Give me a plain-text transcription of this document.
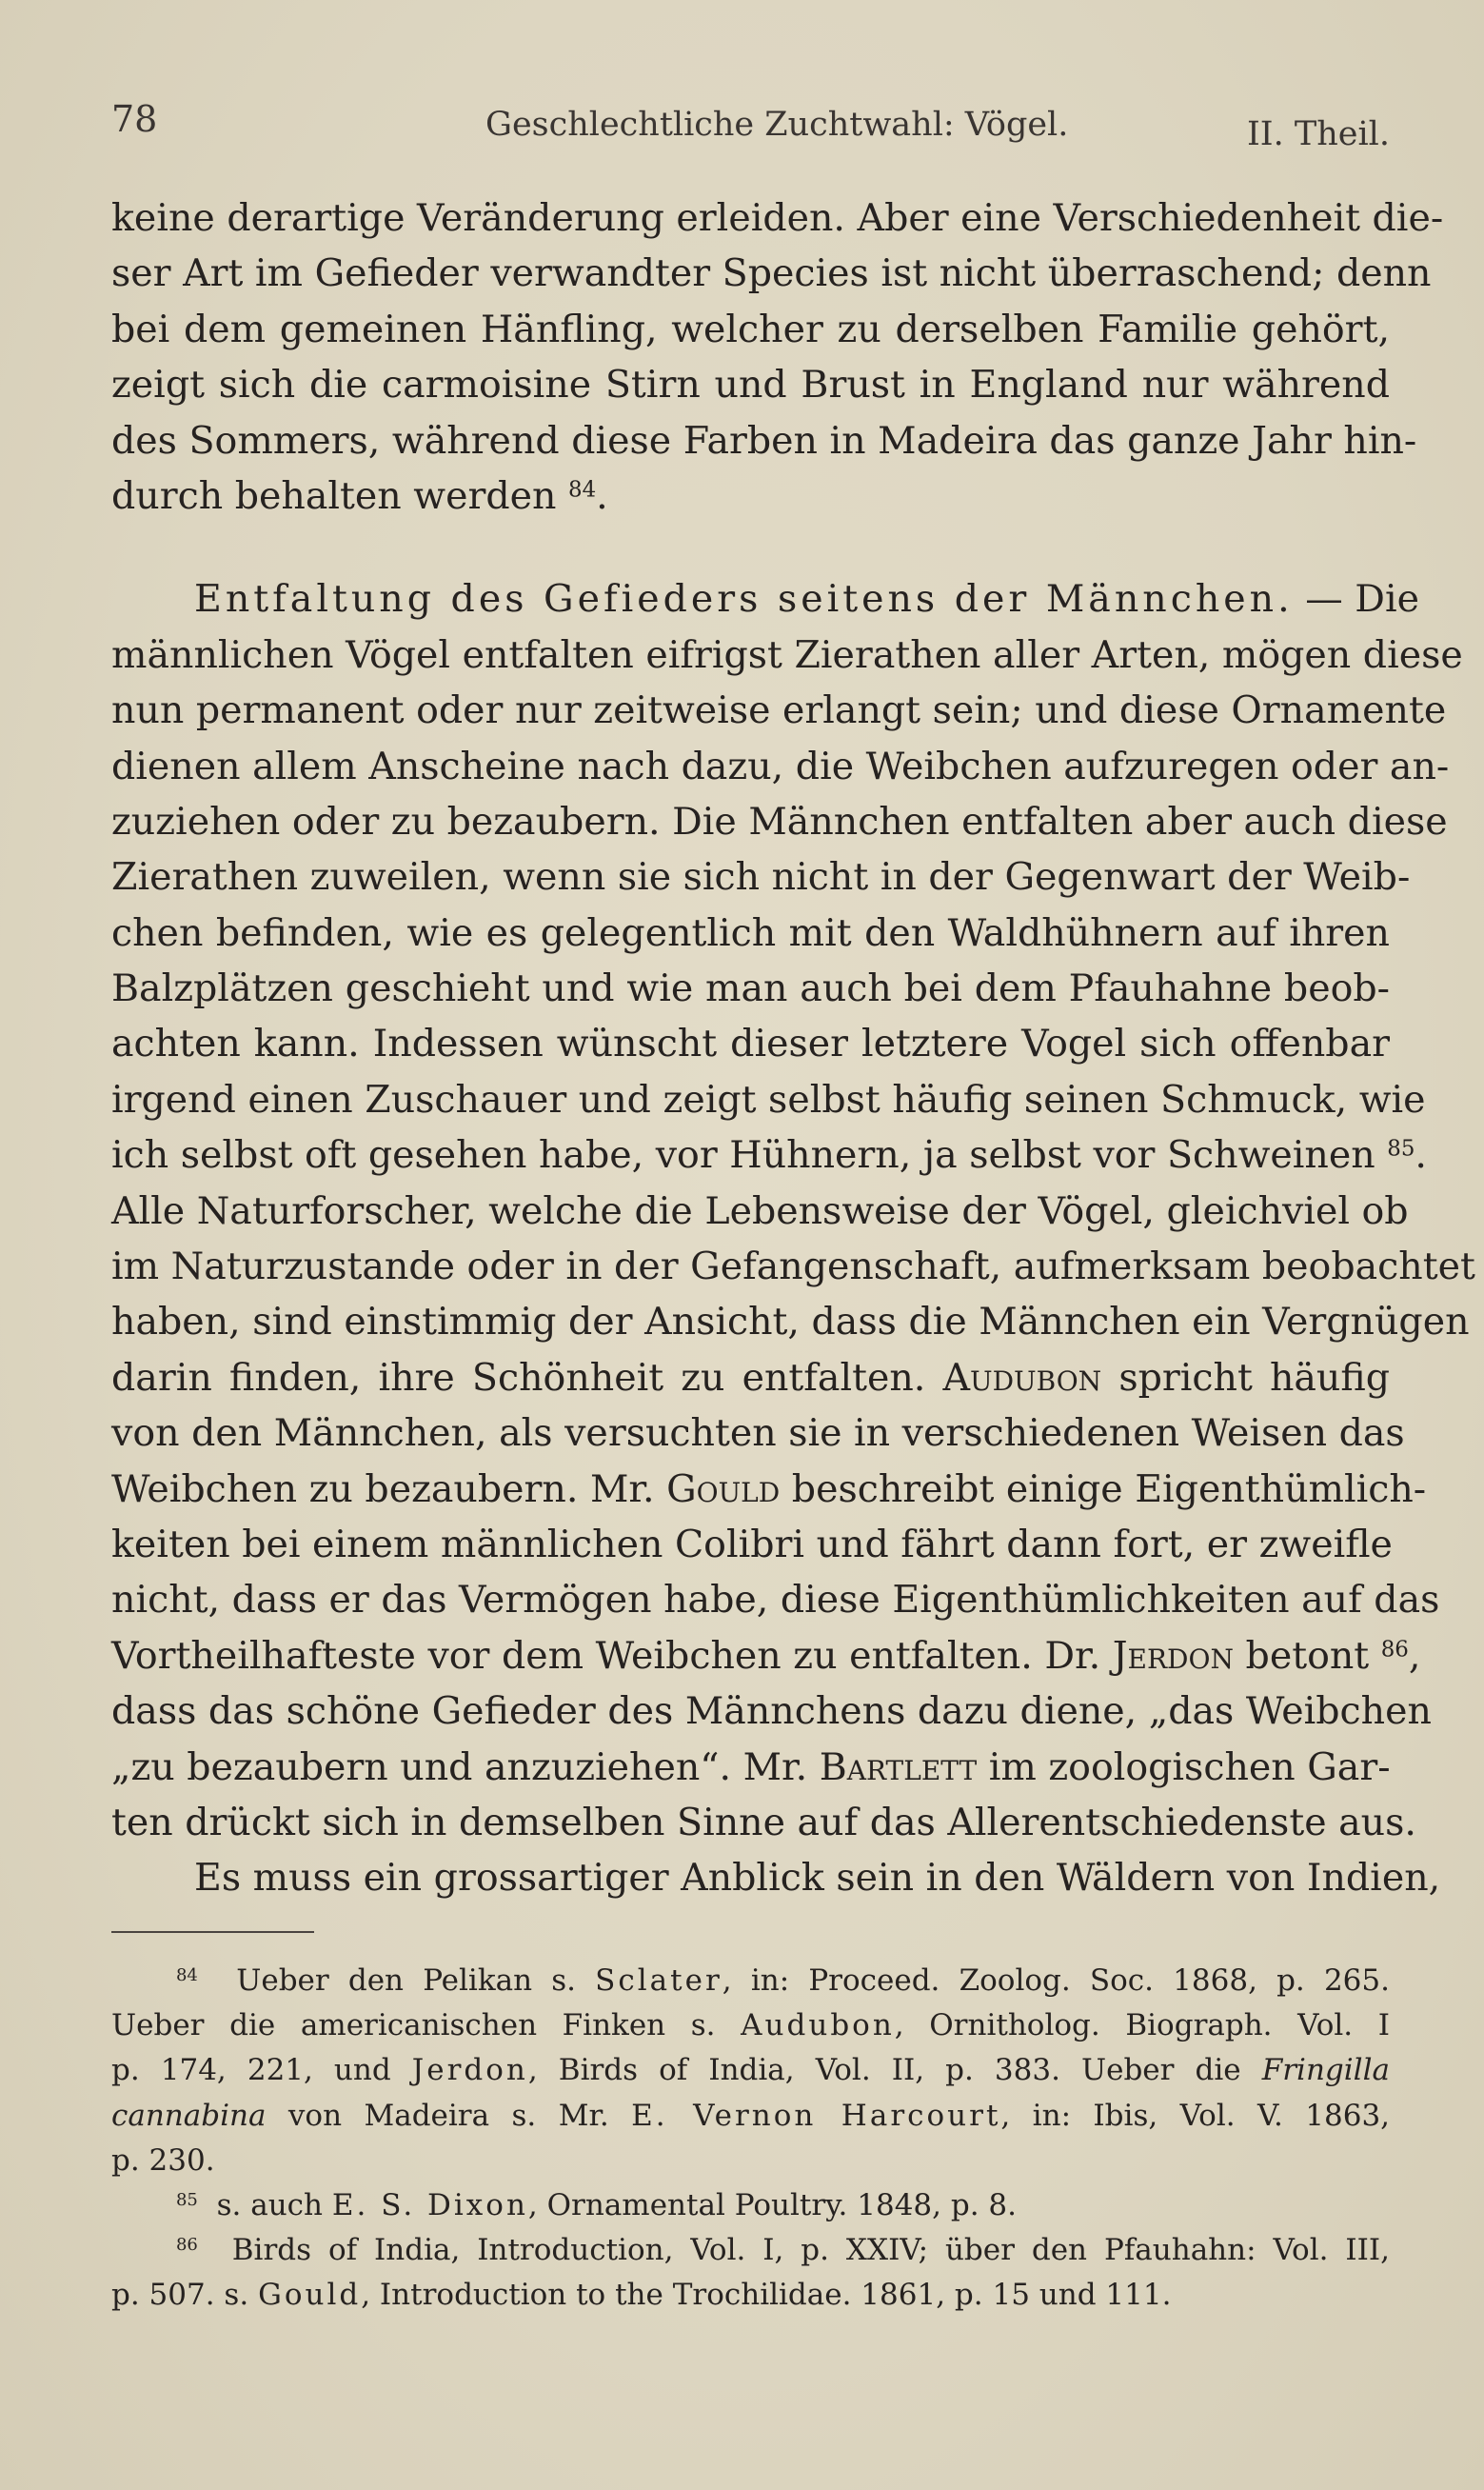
78	Geschlechtliche Zuchtwahl: Vögel.	II. Theil.
keine derartige Veränderung erleiden. Aber eine Verschiedenheit die-
ser Art im Gefieder verwandter Species ist nicht überraschend; denn
bei dem gemeinen Hänfling, welcher zu derselben Familie gehört,
zeigt sich die carmoisine Stirn und Brust in England nur während
des Sommers, während diese Farben in Madeira das ganze Jahr hin-
durch behalten werden $^{84}$.
Entfaltung des Gefieders seitens der Männchen. — Die
männlichen Vögel entfalten eifrigst Zierathen aller Arten, mögen diese
nun permanent oder nur zeitweise erlangt sein; und diese Ornamente
dienen allem Anscheine nach dazu, die Weibchen aufzuregen oder an-
zuziehen oder zu bezaubern. Die Männchen entfalten aber auch diese
Zierathen zuweilen, wenn sie sich nicht in der Gegenwart der Weib-
chen befinden, wie es gelegentlich mit den Waldhühnern auf ihren
Balzplätzen geschieht und wie man auch bei dem Pfauhahne beob-
achten kann. Indessen wünscht dieser letztere Vogel sich offenbar
irgend einen Zuschauer und zeigt selbst häufig seinen Schmuck, wie
ich selbst oft gesehen habe, vor Hühnern, ja selbst vor Schweinen $^{85}$.
Alle Naturforscher, welche die Lebensweise der Vögel, gleichviel ob
im Naturzustande oder in der Gefangenschaft, aufmerksam beobachtet
haben, sind einstimmig der Ansicht, dass die Männchen ein Vergnügen
darin finden, ihre Schönheit zu entfalten. Audubon spricht häufig
von den Männchen, als versuchten sie in verschiedenen Weisen das
Weibchen zu bezaubern. Mr. Gould beschreibt einige Eigenthümlich-
keiten bei einem männlichen Colibri und fährt dann fort, er zweifle
nicht, dass er das Vermögen habe, diese Eigenthümlichkeiten auf das
Vortheilhafteste vor dem Weibchen zu entfalten. Dr. Jerdon betont $^{86}$,
dass das schöne Gefieder des Männchens dazu diene, „das Weibchen
„zu bezaubern und anzuziehen“. Mr. Bartlett im zoologischen Gar-
ten drückt sich in demselben Sinne auf das Allerentschiedenste aus.
Es muss ein grossartiger Anblick sein in den Wäldern von Indien,
$^{84}$ Ueber den Pelikan s. Sclater, in: Proceed. Zoolog. Soc. 1868, p. 265.
Ueber die americanischen Finken s. Audubon, Ornitholog. Biograph. Vol. I
p. 174, 221, und Jerdon, Birds of India, Vol. II, p. 383. Ueber die Fringilla
cannabina von Madeira s. Mr. E. Vernon Harcourt, in: Ibis, Vol. V. 1863,
p. 230.
$^{85}$ s. auch E. S. Dixon, Ornamental Poultry. 1848, p. 8.
$^{86}$ Birds of India, Introduction, Vol. I, p. XXIV; über den Pfauhahn: Vol. III,
p. 507. s. Gould, Introduction to the Trochilidae. 1861, p. 15 und 111.
